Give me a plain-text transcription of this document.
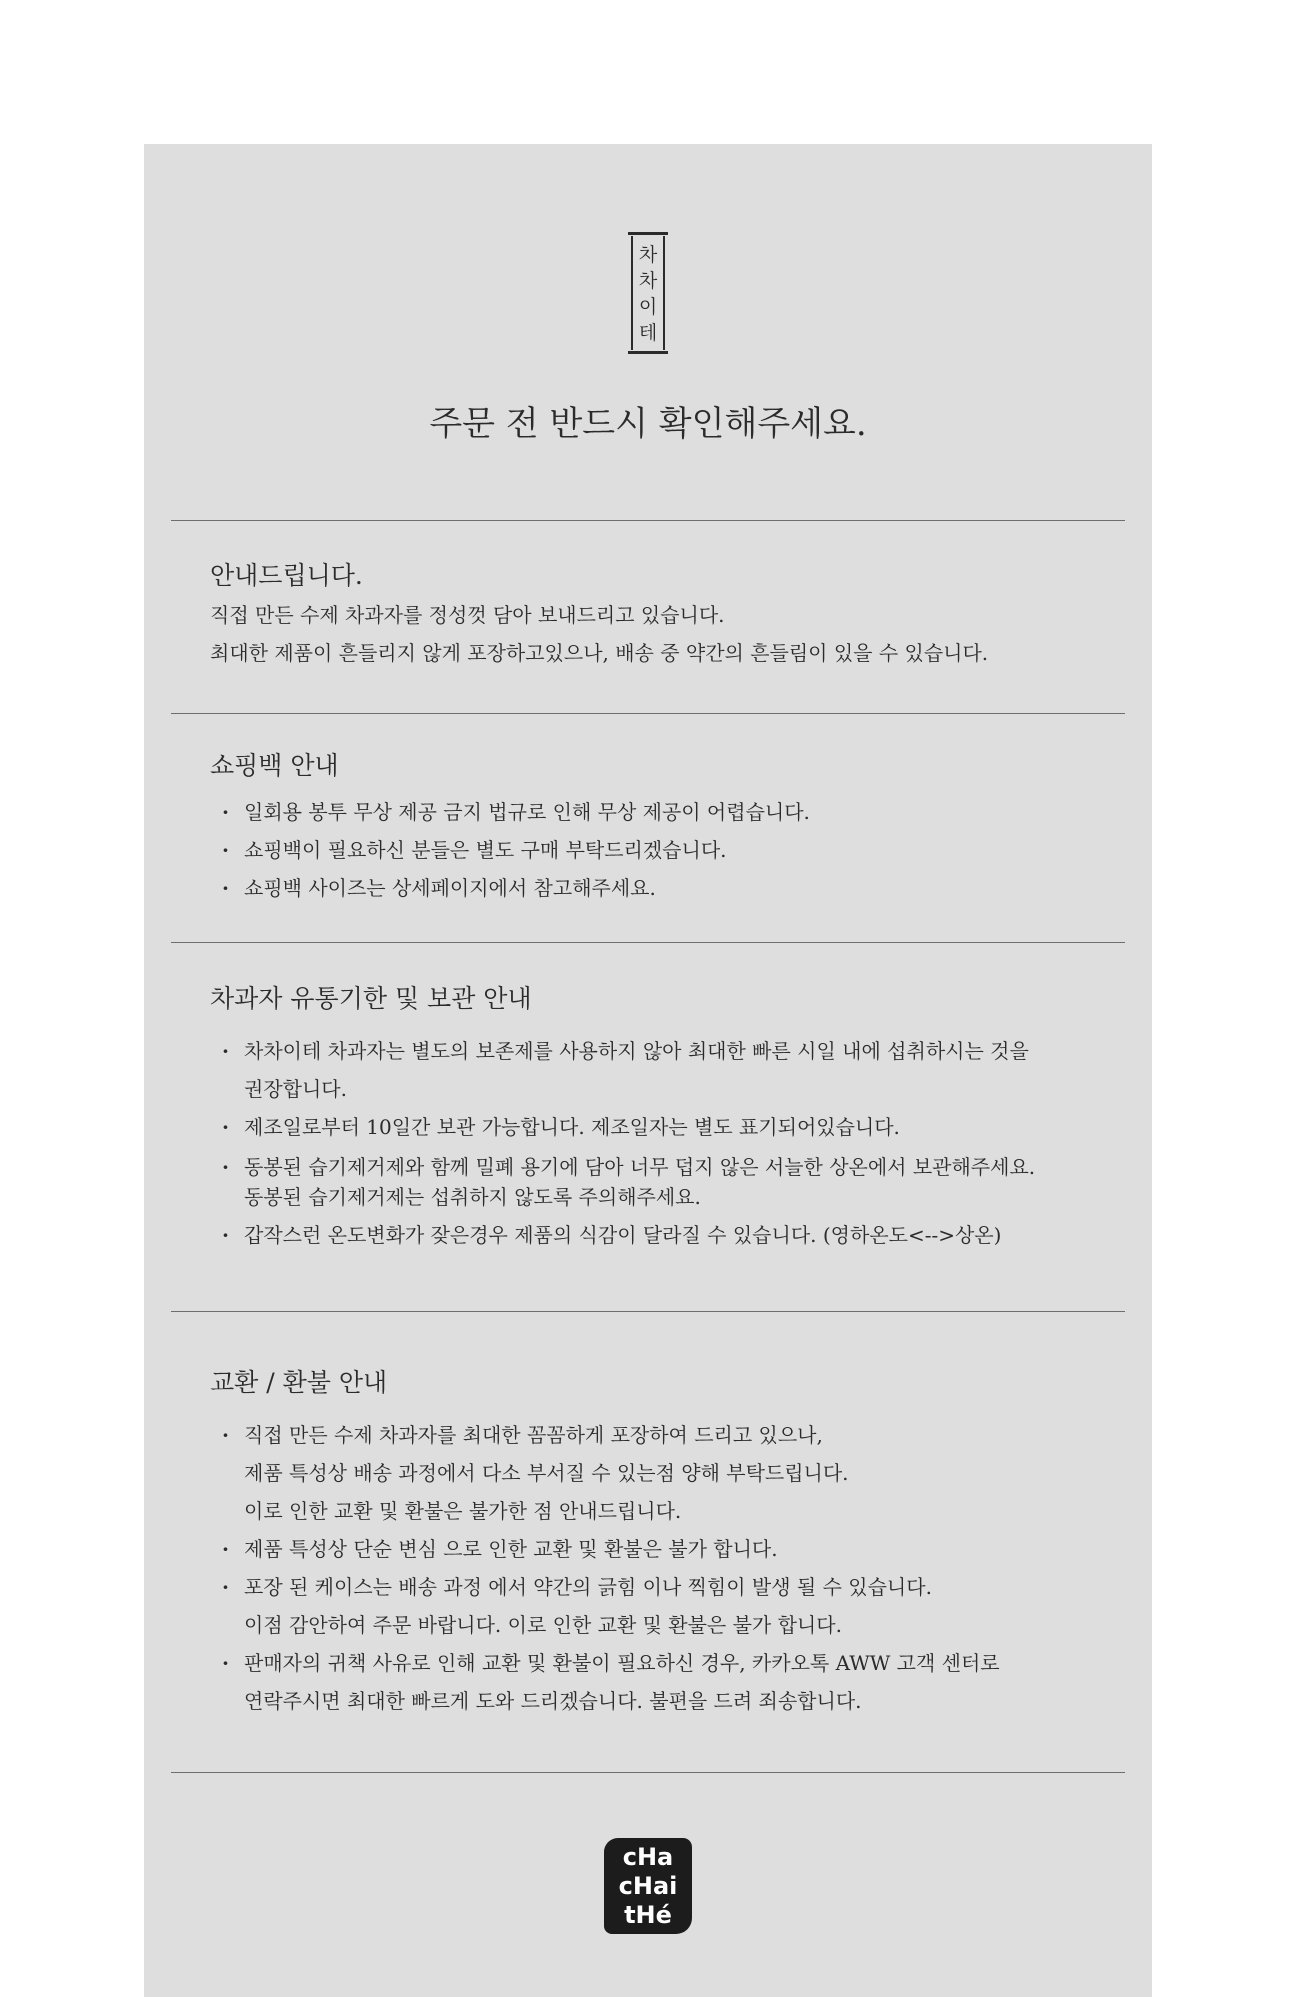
차
차
이
테
주문 전 반드시 확인해주세요.
안내드립니다.
직접 만든 수제 차과자를 정성껏 담아 보내드리고 있습니다.
최대한 제품이 흔들리지 않게 포장하고있으나, 배송 중 약간의 흔들림이 있을 수 있습니다.
쇼핑백 안내
· 일회용 봉투 무상 제공 금지 법규로 인해 무상 제공이 어렵습니다.
· 쇼핑백이 필요하신 분들은 별도 구매 부탁드리겠습니다.
· 쇼핑백 사이즈는 상세페이지에서 참고해주세요.
차과자 유통기한 및 보관 안내
· 차차이테 차과자는 별도의 보존제를 사용하지 않아 최대한 빠른 시일 내에 섭취하시는 것을
권장합니다.
· 제조일로부터 10일간 보관 가능합니다. 제조일자는 별도 표기되어있습니다.
· 동봉된 습기제거제와 함께 밀폐 용기에 담아 너무 덥지 않은 서늘한 상온에서 보관해주세요.
동봉된 습기제거제는 섭취하지 않도록 주의해주세요.
· 갑작스런 온도변화가 잦은경우 제품의 식감이 달라질 수 있습니다. (영하온도<-->상온)
교환 / 환불 안내
· 직접 만든 수제 차과자를 최대한 꼼꼼하게 포장하여 드리고 있으나,
제품 특성상 배송 과정에서 다소 부서질 수 있는점 양해 부탁드립니다.
이로 인한 교환 및 환불은 불가한 점 안내드립니다.
· 제품 특성상 단순 변심 으로 인한 교환 및 환불은 불가 합니다.
· 포장 된 케이스는 배송 과정 에서 약간의 긁힘 이나 찍힘이 발생 될 수 있습니다.
이점 감안하여 주문 바랍니다. 이로 인한 교환 및 환불은 불가 합니다.
· 판매자의 귀책 사유로 인해 교환 및 환불이 필요하신 경우, 카카오톡 AWW 고객 센터로
연락주시면 최대한 빠르게 도와 드리겠습니다. 불편을 드려 죄송합니다.
cHa
cHai
tHé
